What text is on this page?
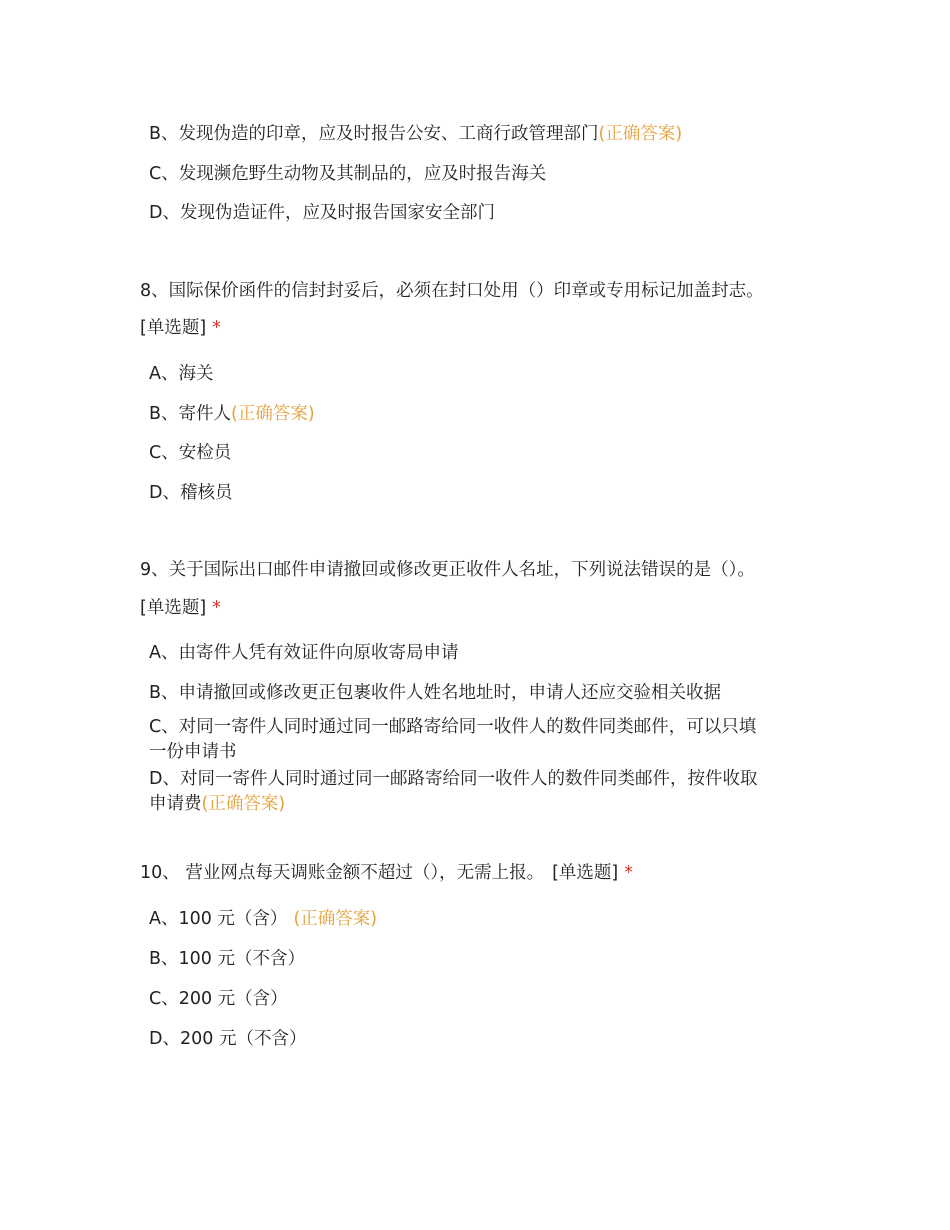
B、发现伪造的印章，应及时报告公安、工商行政管理部门(正确答案)
C、发现濒危野生动物及其制品的，应及时报告海关
D、发现伪造证件，应及时报告国家安全部门
8、国际保价函件的信封封妥后，必须在封口处用（）印章或专用标记加盖封志。
[单选题] *
A、海关
B、寄件人(正确答案)
C、安检员
D、稽核员
9、关于国际出口邮件申请撤回或修改更正收件人名址，下列说法错误的是（）。
[单选题] *
A、由寄件人凭有效证件向原收寄局申请
B、申请撤回或修改更正包裹收件人姓名地址时，申请人还应交验相关收据
C、对同一寄件人同时通过同一邮路寄给同一收件人的数件同类邮件，可以只填
一份申请书
D、对同一寄件人同时通过同一邮路寄给同一收件人的数件同类邮件，按件收取
申请费(正确答案)
10、 营业网点每天调账金额不超过（），无需上报。 [单选题] *
A、100 元（含） (正确答案)
B、100 元（不含）
C、200 元（含）
D、200 元（不含）
